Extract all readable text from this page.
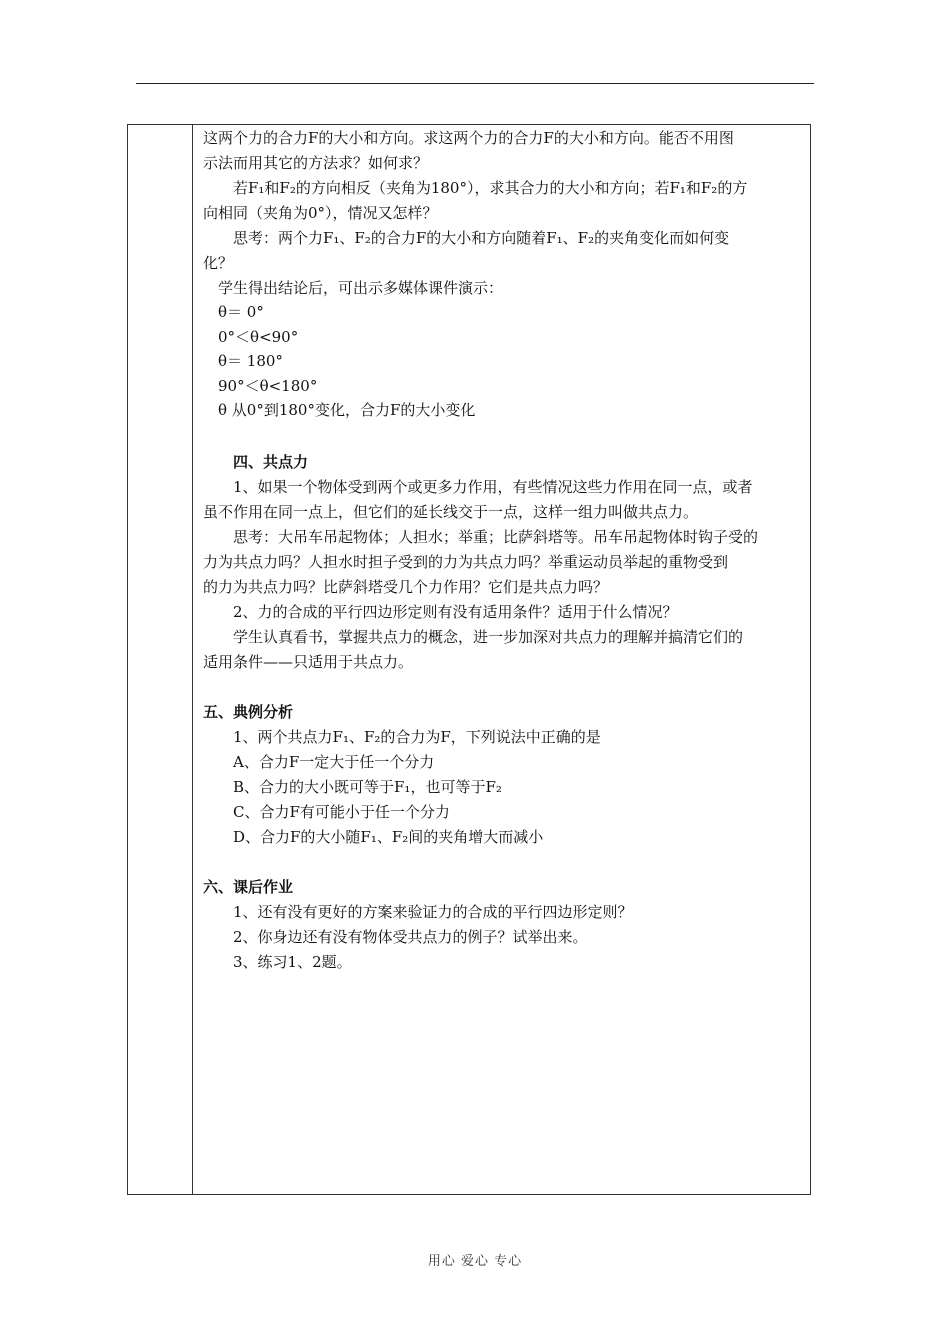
这两个力的合力F的大小和方向。求这两个力的合力F的大小和方向。能否不用图
示法而用其它的方法求？如何求？
　　若F₁和F₂的方向相反（夹角为180°），求其合力的大小和方向；若F₁和F₂的方
向相同（夹角为0°），情况又怎样？
　　思考：两个力F₁、F₂的合力F的大小和方向随着F₁、F₂的夹角变化而如何变
化？
　学生得出结论后，可出示多媒体课件演示：
　θ＝ 0°
　0°＜θ<90°
　θ＝ 180°
　90°＜θ<180°
　θ 从0°到180°变化，合力F的大小变化
　　四、共点力
　　1、如果一个物体受到两个或更多力作用，有些情况这些力作用在同一点，或者
虽不作用在同一点上，但它们的延长线交于一点，这样一组力叫做共点力。
　　思考：大吊车吊起物体；人担水；举重；比萨斜塔等。吊车吊起物体时钩子受的
力为共点力吗？人担水时担子受到的力为共点力吗？举重运动员举起的重物受到
的力为共点力吗？比萨斜塔受几个力作用？它们是共点力吗？
　　2、力的合成的平行四边形定则有没有适用条件？适用于什么情况？
　　学生认真看书，掌握共点力的概念，进一步加深对共点力的理解并搞清它们的
适用条件——只适用于共点力。
五、典例分析
　　1、两个共点力F₁、F₂的合力为F，下列说法中正确的是
　　A、合力F一定大于任一个分力
　　B、合力的大小既可等于F₁，也可等于F₂
　　C、合力F有可能小于任一个分力
　　D、合力F的大小随F₁、F₂间的夹角增大而减小
六、课后作业
　　1、还有没有更好的方案来验证力的合成的平行四边形定则？
　　2、你身边还有没有物体受共点力的例子？试举出来。
　　3、练习1、2题。
用心 爱心 专心
